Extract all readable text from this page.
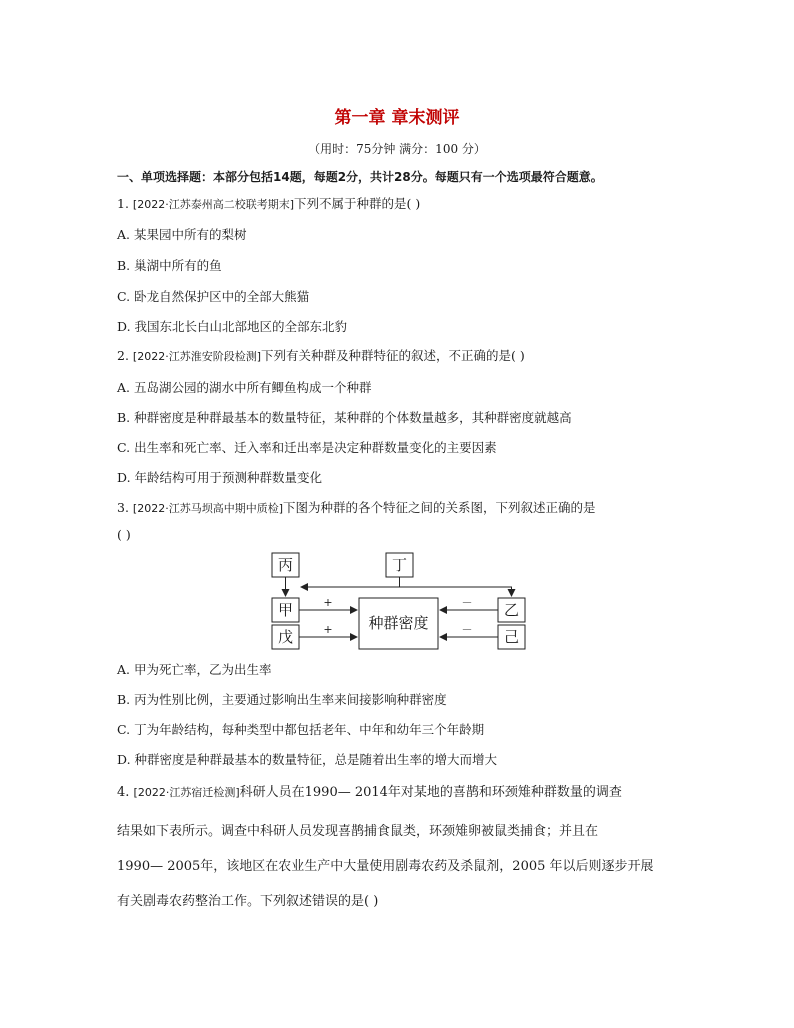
第一章 章末测评
（用时：75分钟 满分：100 分）
一、单项选择题：本部分包括14题，每题2分，共计28分。每题只有一个选项最符合题意。
1. [2022·江苏泰州高二校联考期末]下列不属于种群的是( )
A. 某果园中所有的梨树
B. 巢湖中所有的鱼
C. 卧龙自然保护区中的全部大熊猫
D. 我国东北长白山北部地区的全部东北豹
2. [2022·江苏淮安阶段检测]下列有关种群及种群特征的叙述，不正确的是( )
A. 五岛湖公园的湖水中所有鲫鱼构成一个种群
B. 种群密度是种群最基本的数量特征，某种群的个体数量越多，其种群密度就越高
C. 出生率和死亡率、迁入率和迁出率是决定种群数量变化的主要因素
D. 年龄结构可用于预测种群数量变化
3. [2022·江苏马坝高中期中质检]下图为种群的各个特征之间的关系图，下列叙述正确的是
( )
丙	丁
甲
戊
乙
己
种群密度
+
+
－
－
A. 甲为死亡率，乙为出生率
B. 丙为性别比例，主要通过影响出生率来间接影响种群密度
C. 丁为年龄结构，每种类型中都包括老年、中年和幼年三个年龄期
D. 种群密度是种群最基本的数量特征，总是随着出生率的增大而增大
4. [2022·江苏宿迁检测]科研人员在1990— 2014年对某地的喜鹊和环颈雉种群数量的调查
结果如下表所示。调查中科研人员发现喜鹊捕食鼠类，环颈雉卵被鼠类捕食；并且在
1990— 2005年，该地区在农业生产中大量使用剧毒农药及杀鼠剂，2005 年以后则逐步开展
有关剧毒农药整治工作。下列叙述错误的是( )
